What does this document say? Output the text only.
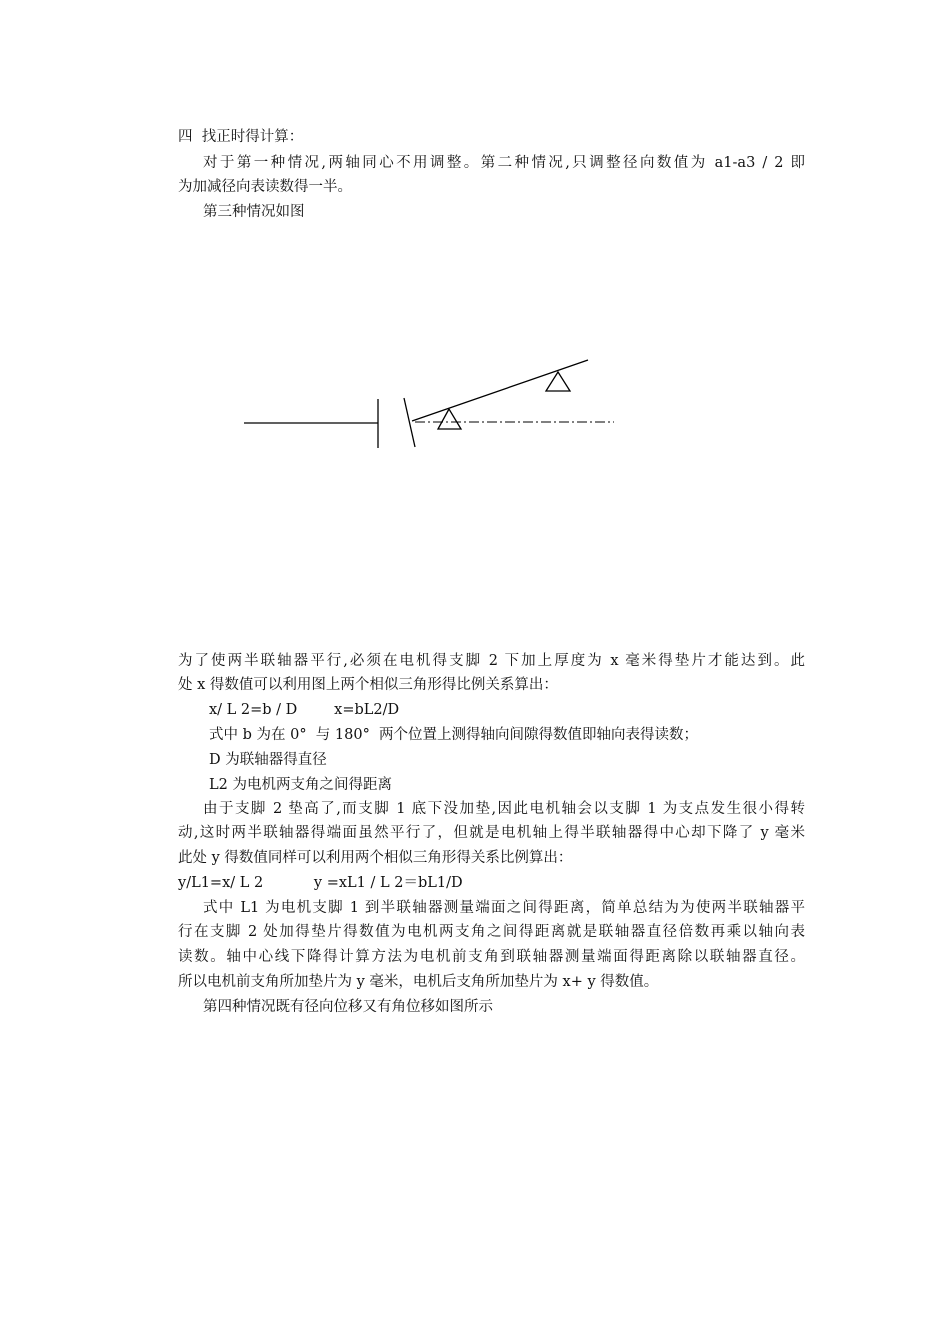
四  找正时得计算：
对于第一种情况,两轴同心不用调整。第二种情况,只调整径向数值为 a1-a3 / 2 即
为加减径向表读数得一半。
第三种情况如图
为了使两半联轴器平行,必须在电机得支脚 2 下加上厚度为 x 毫米得垫片才能达到。此
处 x 得数值可以利用图上两个相似三角形得比例关系算出：
x/ L 2=b / D        x=bL2/D
式中 b 为在 0°  与 180°  两个位置上测得轴向间隙得数值即轴向表得读数；
D 为联轴器得直径
L2 为电机两支角之间得距离
由于支脚 2 垫高了,而支脚 1 底下没加垫,因此电机轴会以支脚 1 为支点发生很小得转
动,这时两半联轴器得端面虽然平行了，但就是电机轴上得半联轴器得中心却下降了 y 毫米
此处 y 得数值同样可以利用两个相似三角形得关系比例算出：
y/L1=x/ L 2           y =xL1 / L 2＝bL1/D
式中 L1 为电机支脚 1 到半联轴器测量端面之间得距离，简单总结为为使两半联轴器平
行在支脚 2 处加得垫片得数值为电机两支角之间得距离就是联轴器直径倍数再乘以轴向表
读数。轴中心线下降得计算方法为电机前支角到联轴器测量端面得距离除以联轴器直径。
所以电机前支角所加垫片为 y 毫米，电机后支角所加垫片为 x+ y 得数值。
第四种情况既有径向位移又有角位移如图所示
